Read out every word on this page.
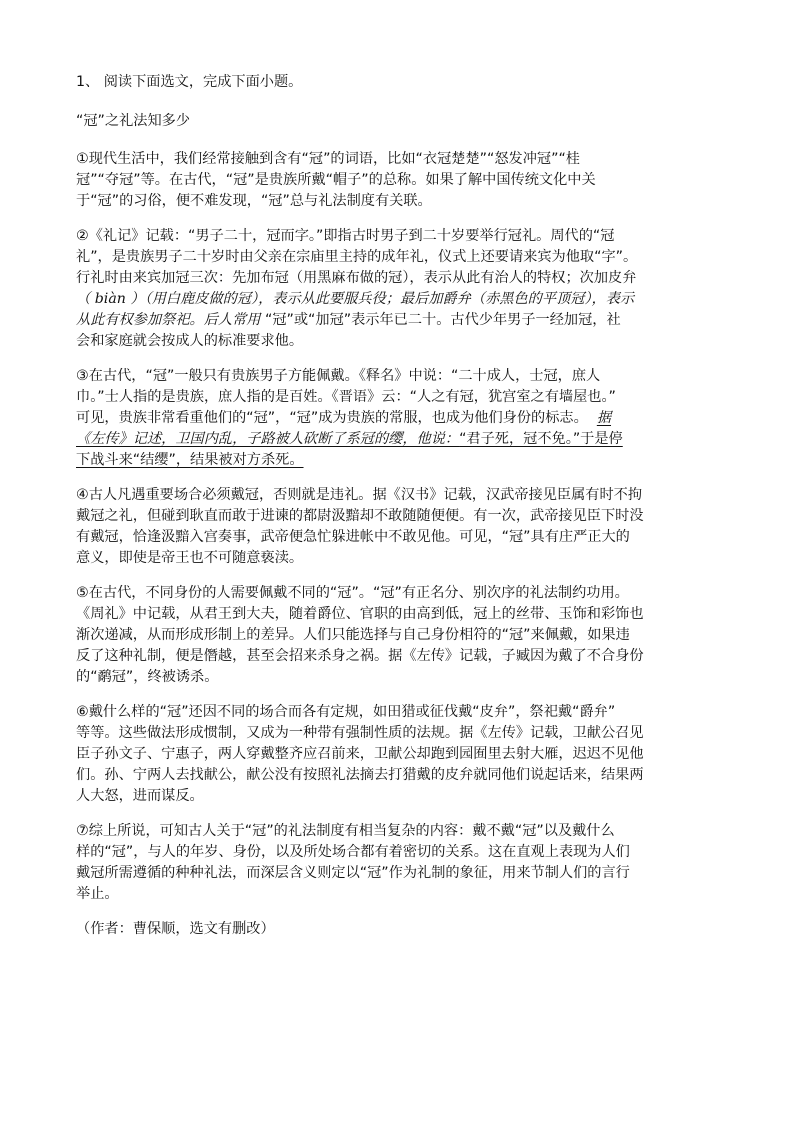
1、 阅读下面选文，完成下面小题。
“冠”之礼法知多少
①现代生活中，我们经常接触到含有“冠”的词语，比如“衣冠楚楚”“怒发冲冠”“桂
冠”“夺冠”等。在古代，“冠”是贵族所戴“帽子”的总称。如果了解中国传统文化中关
于“冠”的习俗，便不难发现，“冠”总与礼法制度有关联。
②《礼记》记载：“男子二十，冠而字。”即指古时男子到二十岁要举行冠礼。周代的“冠
礼”，是贵族男子二十岁时由父亲在宗庙里主持的成年礼，仪式上还要请来宾为他取“字”。
行礼时由来宾加冠三次：先加布冠（用黑麻布做的冠），表示从此有治人的特权；次加皮弁
（ biàn ）（用白鹿皮做的冠），表示从此要服兵役；最后加爵弁（赤黑色的平顶冠），表示
从此有权参加祭祀。后人常用 “冠”或“加冠”表示年已二十。古代少年男子一经加冠，社
会和家庭就会按成人的标准要求他。
③在古代，“冠”一般只有贵族男子方能佩戴。《释名》中说：“二十成人，士冠，庶人
巾。”士人指的是贵族，庶人指的是百姓。《晋语》云：“人之有冠，犹宫室之有墙屋也。”
可见，贵族非常看重他们的“冠”，“冠”成为贵族的常服，也成为他们身份的标志。 据
《左传》记述，卫国内乱，子路被人砍断了系冠的缨，他说：“君子死，冠不免。”于是停
下战斗来“结缨”，结果被对方杀死。
④古人凡遇重要场合必须戴冠，否则就是违礼。据《汉书》记载，汉武帝接见臣属有时不拘
戴冠之礼，但碰到耿直而敢于进谏的都尉汲黯却不敢随随便便。有一次，武帝接见臣下时没
有戴冠，恰逢汲黯入宫奏事，武帝便急忙躲进帐中不敢见他。可见，“冠”具有庄严正大的
意义，即使是帝王也不可随意亵渎。
⑤在古代，不同身份的人需要佩戴不同的“冠”。“冠”有正名分、别次序的礼法制约功用。
《周礼》中记载，从君王到大夫，随着爵位、官职的由高到低，冠上的丝带、玉饰和彩饰也
渐次递减，从而形成形制上的差异。人们只能选择与自己身份相符的“冠”来佩戴，如果违
反了这种礼制，便是僭越，甚至会招来杀身之祸。据《左传》记载，子臧因为戴了不合身份
的“鹬冠”，终被诱杀。
⑥戴什么样的“冠”还因不同的场合而各有定规，如田猎或征伐戴“皮弁”，祭祀戴“爵弁”
等等。这些做法形成惯制，又成为一种带有强制性质的法规。据《左传》记载，卫献公召见
臣子孙文子、宁惠子，两人穿戴整齐应召前来，卫献公却跑到园囿里去射大雁，迟迟不见他
们。孙、宁两人去找献公，献公没有按照礼法摘去打猎戴的皮弁就同他们说起话来，结果两
人大怒，进而谋反。
⑦综上所说，可知古人关于“冠”的礼法制度有相当复杂的内容：戴不戴“冠”以及戴什么
样的“冠”，与人的年岁、身份，以及所处场合都有着密切的关系。这在直观上表现为人们
戴冠所需遵循的种种礼法，而深层含义则定以“冠”作为礼制的象征，用来节制人们的言行
举止。
（作者：曹保顺，选文有删改）
